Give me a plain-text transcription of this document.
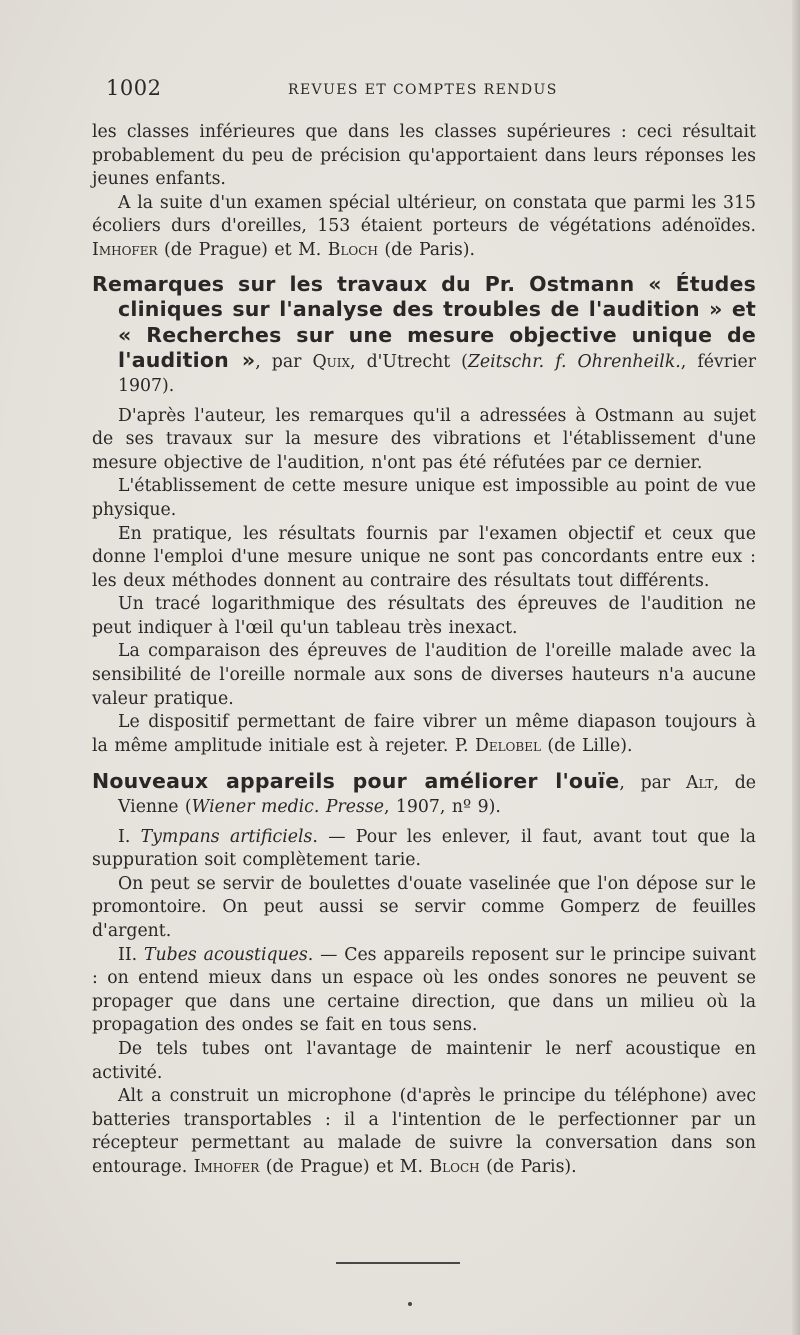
1002	REVUES ET COMPTES RENDUS

les classes inférieures que dans les classes supérieures : ceci résultait probablement du peu de précision qu'apportaient dans leurs réponses les jeunes enfants.

A la suite d'un examen spécial ultérieur, on constata que parmi les 315 écoliers durs d'oreilles, 153 étaient porteurs de végétations adénoïdes. Imhofer (de Prague) et M. Bloch (de Paris).

Remarques sur les travaux du Pr. Ostmann « Études cliniques sur l'analyse des troubles de l'audition » et « Recherches sur une mesure objective unique de l'audition », par Quix, d'Utrecht (Zeitschr. f. Ohrenheilk., février 1907).

D'après l'auteur, les remarques qu'il a adressées à Ostmann au sujet de ses travaux sur la mesure des vibrations et l'établissement d'une mesure objective de l'audition, n'ont pas été réfutées par ce dernier.

L'établissement de cette mesure unique est impossible au point de vue physique.

En pratique, les résultats fournis par l'examen objectif et ceux que donne l'emploi d'une mesure unique ne sont pas concordants entre eux : les deux méthodes donnent au contraire des résultats tout différents.

Un tracé logarithmique des résultats des épreuves de l'audition ne peut indiquer à l'œil qu'un tableau très inexact.

La comparaison des épreuves de l'audition de l'oreille malade avec la sensibilité de l'oreille normale aux sons de diverses hauteurs n'a aucune valeur pratique.

Le dispositif permettant de faire vibrer un même diapason toujours à la même amplitude initiale est à rejeter. P. Delobel (de Lille).

Nouveaux appareils pour améliorer l'ouïe, par Alt, de Vienne (Wiener medic. Presse, 1907, nº 9).

I. Tympans artificiels. — Pour les enlever, il faut, avant tout que la suppuration soit complètement tarie.

On peut se servir de boulettes d'ouate vaselinée que l'on dépose sur le promontoire. On peut aussi se servir comme Gomperz de feuilles d'argent.

II. Tubes acoustiques. — Ces appareils reposent sur le principe suivant : on entend mieux dans un espace où les ondes sonores ne peuvent se propager que dans une certaine direction, que dans un milieu où la propagation des ondes se fait en tous sens.

De tels tubes ont l'avantage de maintenir le nerf acoustique en activité.

Alt a construit un microphone (d'après le principe du téléphone) avec batteries transportables : il a l'intention de le perfectionner par un récepteur permettant au malade de suivre la conversation dans son entourage. Imhofer (de Prague) et M. Bloch (de Paris).
